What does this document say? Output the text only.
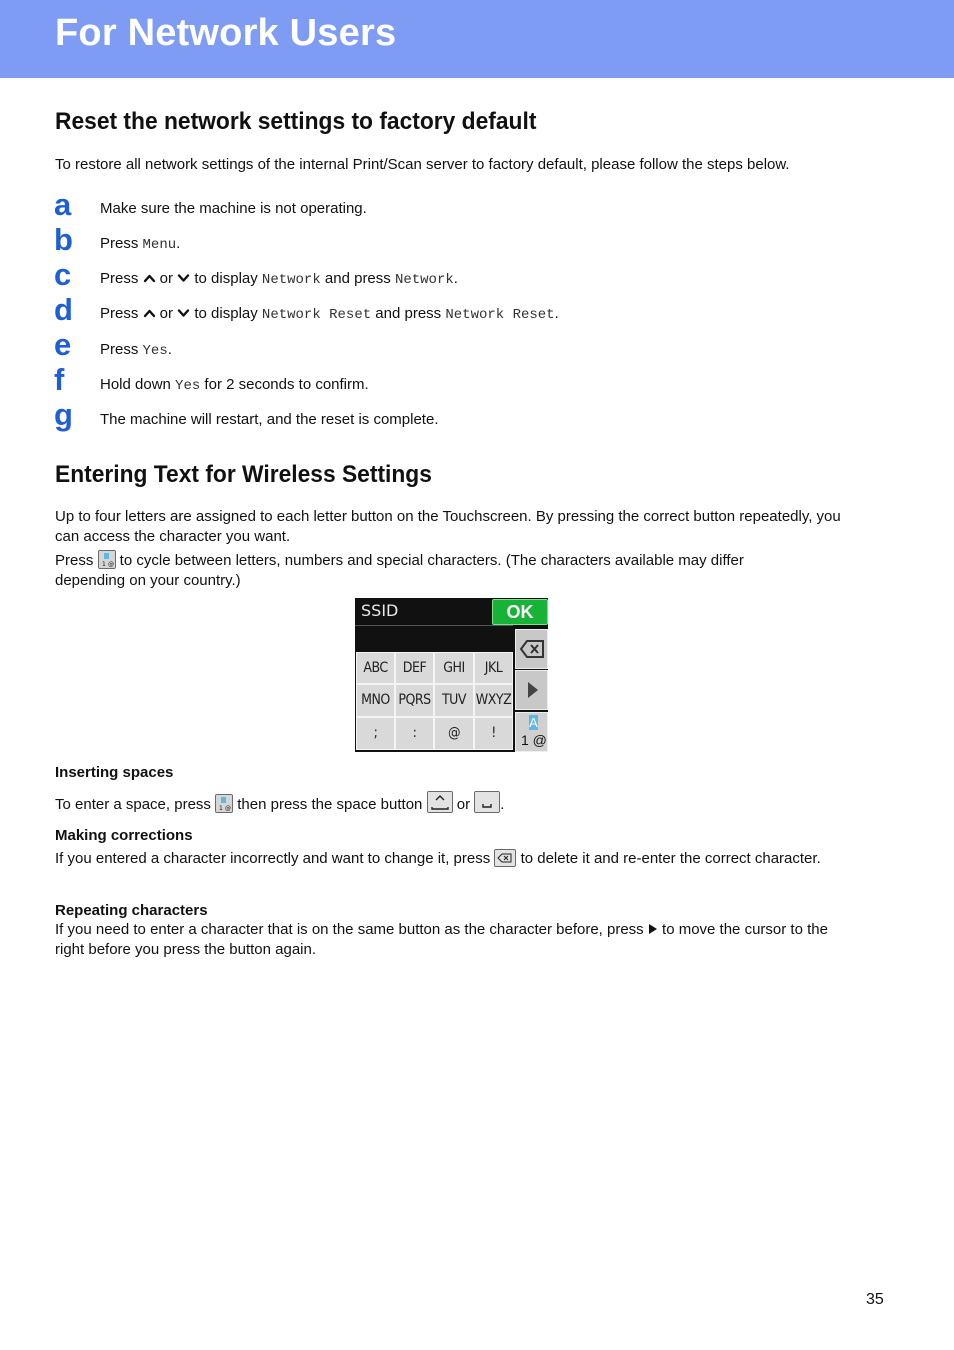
For Network Users
Reset the network settings to factory default

To restore all network settings of the internal Print/Scan server to factory default, please follow the steps below.

a Make sure the machine is not operating.
b Press Menu.
c Press  or  to display Network and press Network.
d Press  or  to display Network Reset and press Network Reset.
e Press Yes.
f Hold down Yes for 2 seconds to confirm.
g The machine will restart, and the reset is complete.
Entering Text for Wireless Settings

Up to four letters are assigned to each letter button on the Touchscreen. By pressing the correct button repeatedly, you can access the character you want.

Press 1 @ to cycle between letters, numbers and special characters. (The characters available may differ depending on your country.)

SSID	OK
ABC	DEF	GHI	JKL
MNO PQRS TUV WXYZ
;	:	@	!
A
1 @
Inserting spaces

To enter a space, press 1 @ then press the space button  or .

Making corrections

If you entered a character incorrectly and want to change it, press  to delete it and re-enter the correct character.

Repeating characters

If you need to enter a character that is on the same button as the character before, press  to move the cursor to the right before you press the button again.

35
